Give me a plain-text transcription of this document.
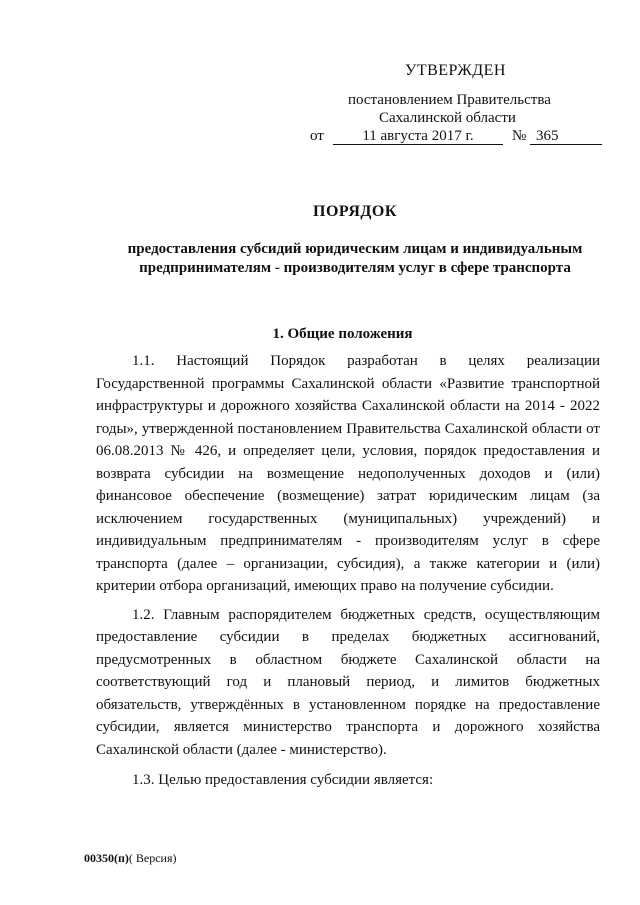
УТВЕРЖДЕН
постановлением Правительства
Сахалинской области
от	11 августа 2017 г.	№ 365
ПОРЯДОК
предоставления субсидий юридическим лицам и индивидуальным предпринимателям - производителям услуг в сфере транспорта
1. Общие положения

1.1. Настоящий Порядок разработан в целях реализации Государственной программы Сахалинской области «Развитие транспортной инфраструктуры и дорожного хозяйства Сахалинской области на 2014 - 2022 годы», утвержденной постановлением Правительства Сахалинской области от 06.08.2013 № 426, и определяет цели, условия, порядок предоставления и возврата субсидии на возмещение недополученных доходов и (или) финансовое обеспечение (возмещение) затрат юридическим лицам (за исключением государственных (муниципальных) учреждений) и индивидуальным предпринимателям - производителям услуг в сфере транспорта (далее – организации, субсидия), а также категории и (или) критерии отбора организаций, имеющих право на получение субсидии.

1.2. Главным распорядителем бюджетных средств, осуществляющим предоставление субсидии в пределах бюджетных ассигнований, предусмотренных в областном бюджете Сахалинской области на соответствующий год и плановый период, и лимитов бюджетных обязательств, утверждённых в установленном порядке на предоставление субсидии, является министерство транспорта и дорожного хозяйства Сахалинской области (далее - министерство).

1.3. Целью предоставления субсидии является:

00350(п)( Версия)
